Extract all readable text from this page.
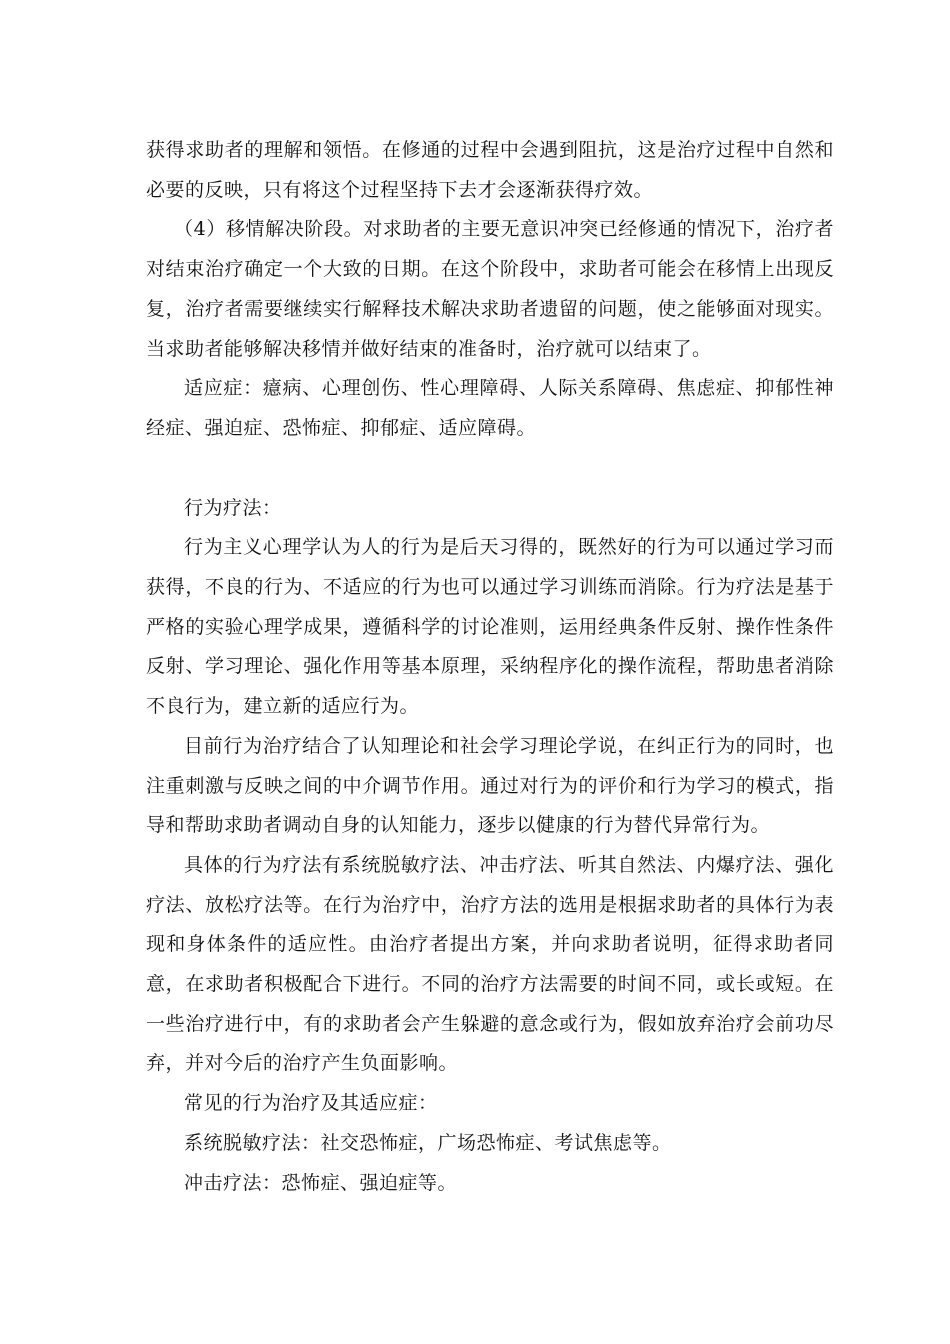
获得求助者的理解和领悟。在修通的过程中会遇到阻抗，这是治疗过程中自然和必要的反映，只有将这个过程坚持下去才会逐渐获得疗效。

（4）移情解决阶段。对求助者的主要无意识冲突已经修通的情况下，治疗者对结束治疗确定一个大致的日期。在这个阶段中，求助者可能会在移情上出现反复，治疗者需要继续实行解释技术解决求助者遗留的问题，使之能够面对现实。当求助者能够解决移情并做好结束的准备时，治疗就可以结束了。

适应症：癔病、心理创伤、性心理障碍、人际关系障碍、焦虑症、抑郁性神经症、强迫症、恐怖症、抑郁症、适应障碍。

行为疗法：

行为主义心理学认为人的行为是后天习得的，既然好的行为可以通过学习而获得，不良的行为、不适应的行为也可以通过学习训练而消除。行为疗法是基于严格的实验心理学成果，遵循科学的讨论准则，运用经典条件反射、操作性条件反射、学习理论、强化作用等基本原理，采纳程序化的操作流程，帮助患者消除不良行为，建立新的适应行为。

目前行为治疗结合了认知理论和社会学习理论学说，在纠正行为的同时，也注重刺激与反映之间的中介调节作用。通过对行为的评价和行为学习的模式，指导和帮助求助者调动自身的认知能力，逐步以健康的行为替代异常行为。

具体的行为疗法有系统脱敏疗法、冲击疗法、听其自然法、内爆疗法、强化疗法、放松疗法等。在行为治疗中，治疗方法的选用是根据求助者的具体行为表现和身体条件的适应性。由治疗者提出方案，并向求助者说明，征得求助者同意，在求助者积极配合下进行。不同的治疗方法需要的时间不同，或长或短。在一些治疗进行中，有的求助者会产生躲避的意念或行为，假如放弃治疗会前功尽弃，并对今后的治疗产生负面影响。

常见的行为治疗及其适应症：

系统脱敏疗法：社交恐怖症，广场恐怖症、考试焦虑等。

冲击疗法：恐怖症、强迫症等。
